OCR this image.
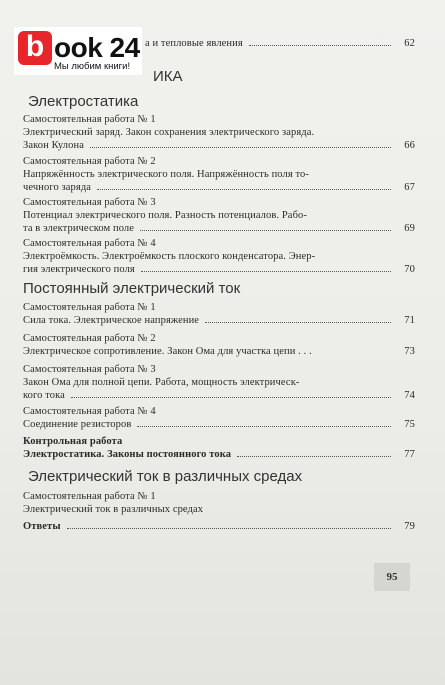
b ook 24
Мы любим книги!
а и тепловые явления	62
ИКА
Электростатика
Самостоятельная работа № 1
Электрический заряд. Закон сохранения электрического заряда.
Закон Кулона	66
Самостоятельная работа № 2
Напряжённость электрического поля. Напряжённость поля то-
чечного заряда	67
Самостоятельная работа № 3
Потенциал электрического поля. Разность потенциалов. Рабо-
та в электрическом поле	69
Самостоятельная работа № 4
Электроёмкость. Электроёмкость плоского конденсатора. Энер-
гия электрического поля	70
Постоянный электрический ток
Самостоятельная работа № 1
Сила тока. Электрическое напряжение	71
Самостоятельная работа № 2
Электрическое сопротивление. Закон Ома для участка цепи . . .	73
Самостоятельная работа № 3
Закон Ома для полной цепи. Работа, мощность электрическ-
кого тока	74
Самостоятельная работа № 4
Соединение резисторов	75
Контрольная работа
Электростатика. Законы постоянного тока	77
Электрический ток в различных средах
Самостоятельная работа № 1
Электрический ток в различных средах
Ответы	79
95
